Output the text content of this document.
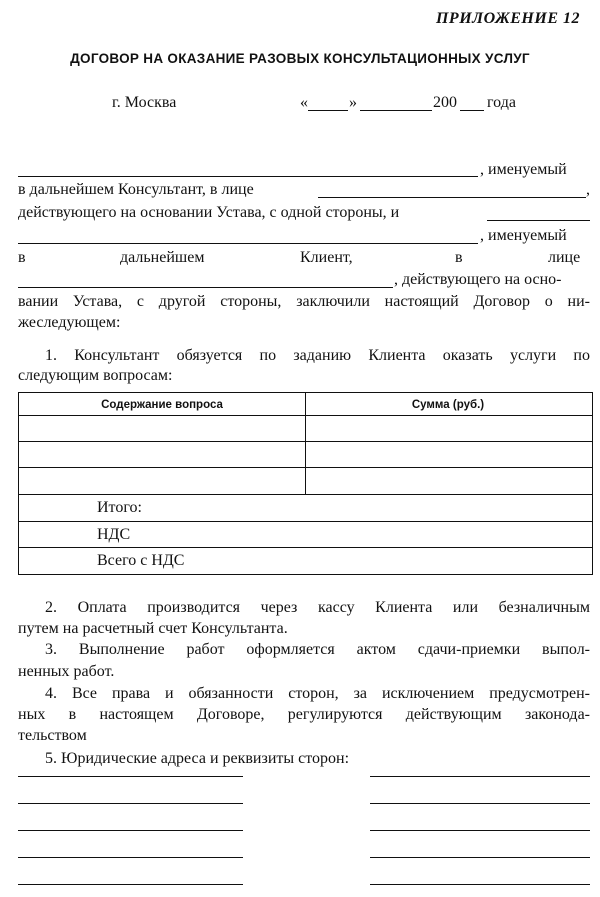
ПРИЛОЖЕНИЕ 12
ДОГОВОР НА ОКАЗАНИЕ РАЗОВЫХ КОНСУЛЬТАЦИОННЫХ УСЛУГ
г. Москва	«	»	200 года
, именуемый
в дальнейшем Консультант, в лице	,
действующего на основании Устава, с одной стороны, и
, именуемый
в	дальнейшем	Клиент,	в	лице
, действующего на осно-
вании Устава, с другой стороны, заключили настоящий Договор о ни-
жеследующем:
1. Консультант обязуется по заданию Клиента оказать услуги по
следующим вопросам:
Содержание вопроса	Сумма (руб.)
Итого:
НДС
Всего с НДС
2. Оплата производится через кассу Клиента или безналичным
путем на расчетный счет Консультанта.
3. Выполнение работ оформляется актом сдачи-приемки выпол-
ненных работ.
4. Все права и обязанности сторон, за исключением предусмотрен-
ных в настоящем Договоре, регулируются действующим законода-
тельством
5. Юридические адреса и реквизиты сторон:
